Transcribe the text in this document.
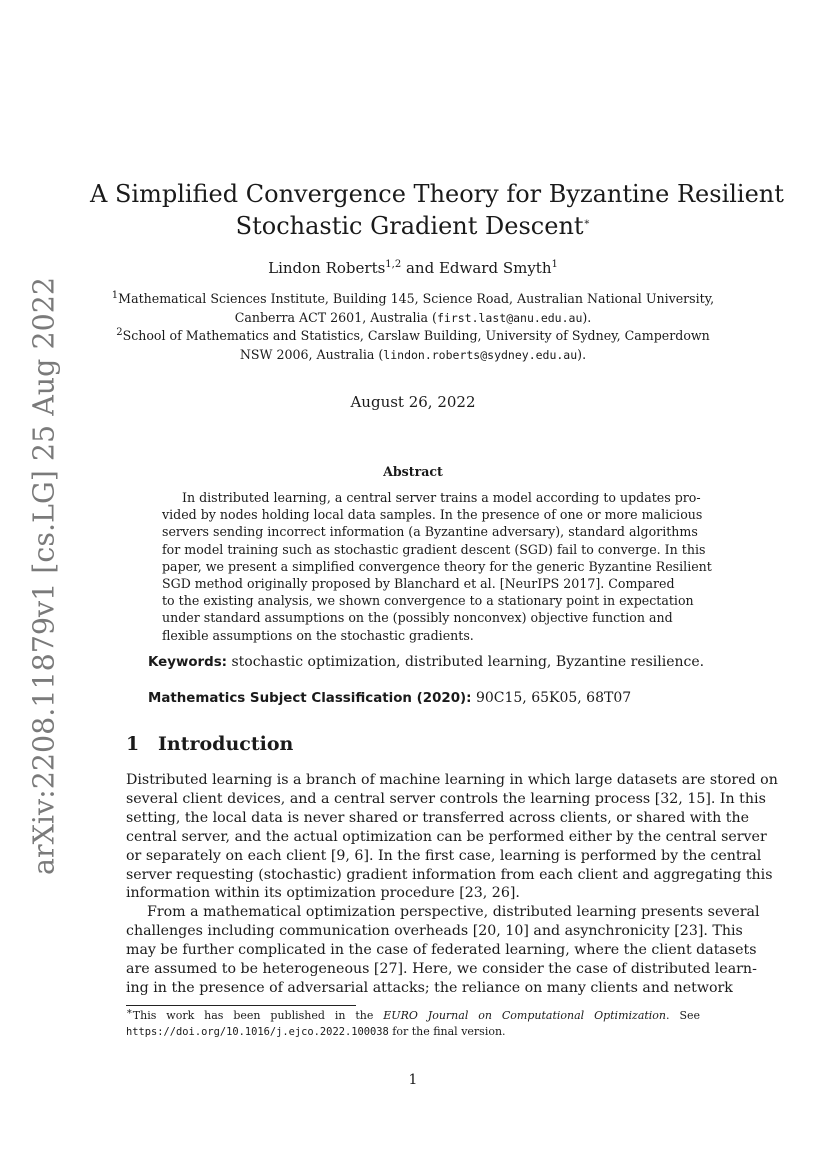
arXiv:2208.11879v1 [cs.LG] 25 Aug 2022
A Simplified Convergence Theory for Byzantine Resilient
Stochastic Gradient Descent∗
Lindon Roberts$^{1,2}$ and Edward Smyth$^1$
$^1$Mathematical Sciences Institute, Building 145, Science Road, Australian National University,
Canberra ACT 2601, Australia (first.last@anu.edu.au).
$^2$School of Mathematics and Statistics, Carslaw Building, University of Sydney, Camperdown
NSW 2006, Australia (lindon.roberts@sydney.edu.au).
August 26, 2022
Abstract
In distributed learning, a central server trains a model according to updates pro-
vided by nodes holding local data samples. In the presence of one or more malicious
servers sending incorrect information (a Byzantine adversary), standard algorithms
for model training such as stochastic gradient descent (SGD) fail to converge. In this
paper, we present a simplified convergence theory for the generic Byzantine Resilient
SGD method originally proposed by Blanchard et al. [NeurIPS 2017]. Compared
to the existing analysis, we shown convergence to a stationary point in expectation
under standard assumptions on the (possibly nonconvex) objective function and
flexible assumptions on the stochastic gradients.
Keywords: stochastic optimization, distributed learning, Byzantine resilience.
Mathematics Subject Classification (2020): 90C15, 65K05, 68T07
1 Introduction
Distributed learning is a branch of machine learning in which large datasets are stored on
several client devices, and a central server controls the learning process [32, 15]. In this
setting, the local data is never shared or transferred across clients, or shared with the
central server, and the actual optimization can be performed either by the central server
or separately on each client [9, 6]. In the first case, learning is performed by the central
server requesting (stochastic) gradient information from each client and aggregating this
information within its optimization procedure [23, 26].
From a mathematical optimization perspective, distributed learning presents several
challenges including communication overheads [20, 10] and asynchronicity [23]. This
may be further complicated in the case of federated learning, where the client datasets
are assumed to be heterogeneous [27]. Here, we consider the case of distributed learn-
ing in the presence of adversarial attacks; the reliance on many clients and network
∗This work has been published in the EURO Journal on Computational Optimization. See
https://doi.org/10.1016/j.ejco.2022.100038 for the final version.
1
